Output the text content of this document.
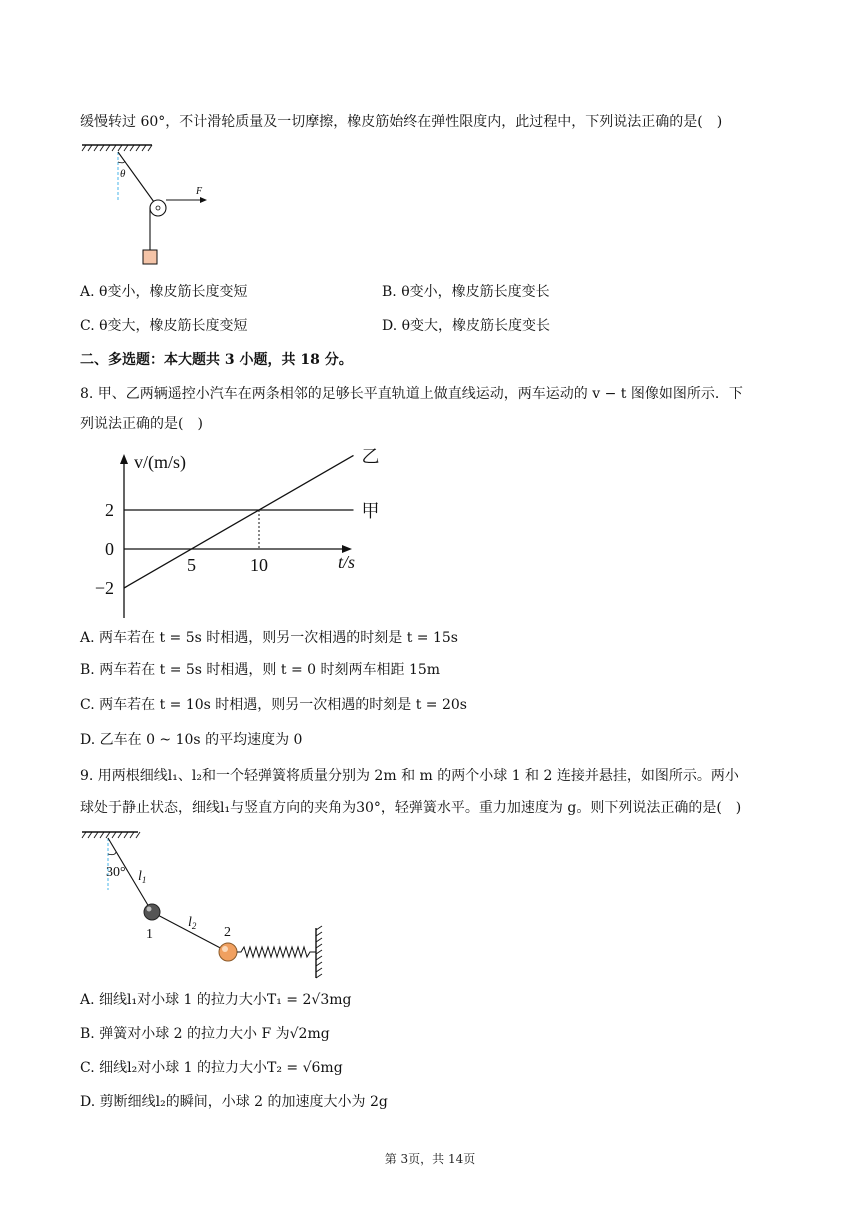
缓慢转过 60°，不计滑轮质量及一切摩擦，橡皮筋始终在弹性限度内，此过程中，下列说法正确的是(　)
θ
F
A. θ变小，橡皮筋长度变短	B. θ变小，橡皮筋长度变长
C. θ变大，橡皮筋长度变短	D. θ变大，橡皮筋长度变长
二、多选题：本大题共 3 小题，共 18 分。
8. 甲、乙两辆遥控小汽车在两条相邻的足够长平直轨道上做直线运动，两车运动的 v − t 图像如图所示．下
列说法正确的是(　)
v/(m/s)
t/s
2
0
−2
5	10
甲
乙
A. 两车若在 t = 5s 时相遇，则另一次相遇的时刻是 t = 15s
B. 两车若在 t = 5s 时相遇，则 t = 0 时刻两车相距 15m
C. 两车若在 t = 10s 时相遇，则另一次相遇的时刻是 t = 20s
D. 乙车在 0 ~ 10s 的平均速度为 0
9. 用两根细线l₁、l₂和一个轻弹簧将质量分别为 2m 和 m 的两个小球 1 和 2 连接并悬挂，如图所示。两小
球处于静止状态，细线l₁与竖直方向的夹角为30°，轻弹簧水平。重力加速度为 g。则下列说法正确的是(　)
30° $l_1$
$l_2$
1	2
A. 细线l₁对小球 1 的拉力大小T₁ = 2√3mg
B. 弹簧对小球 2 的拉力大小 F 为√2mg
C. 细线l₂对小球 1 的拉力大小T₂ = √6mg
D. 剪断细线l₂的瞬间，小球 2 的加速度大小为 2g
第 3页，共 14页
